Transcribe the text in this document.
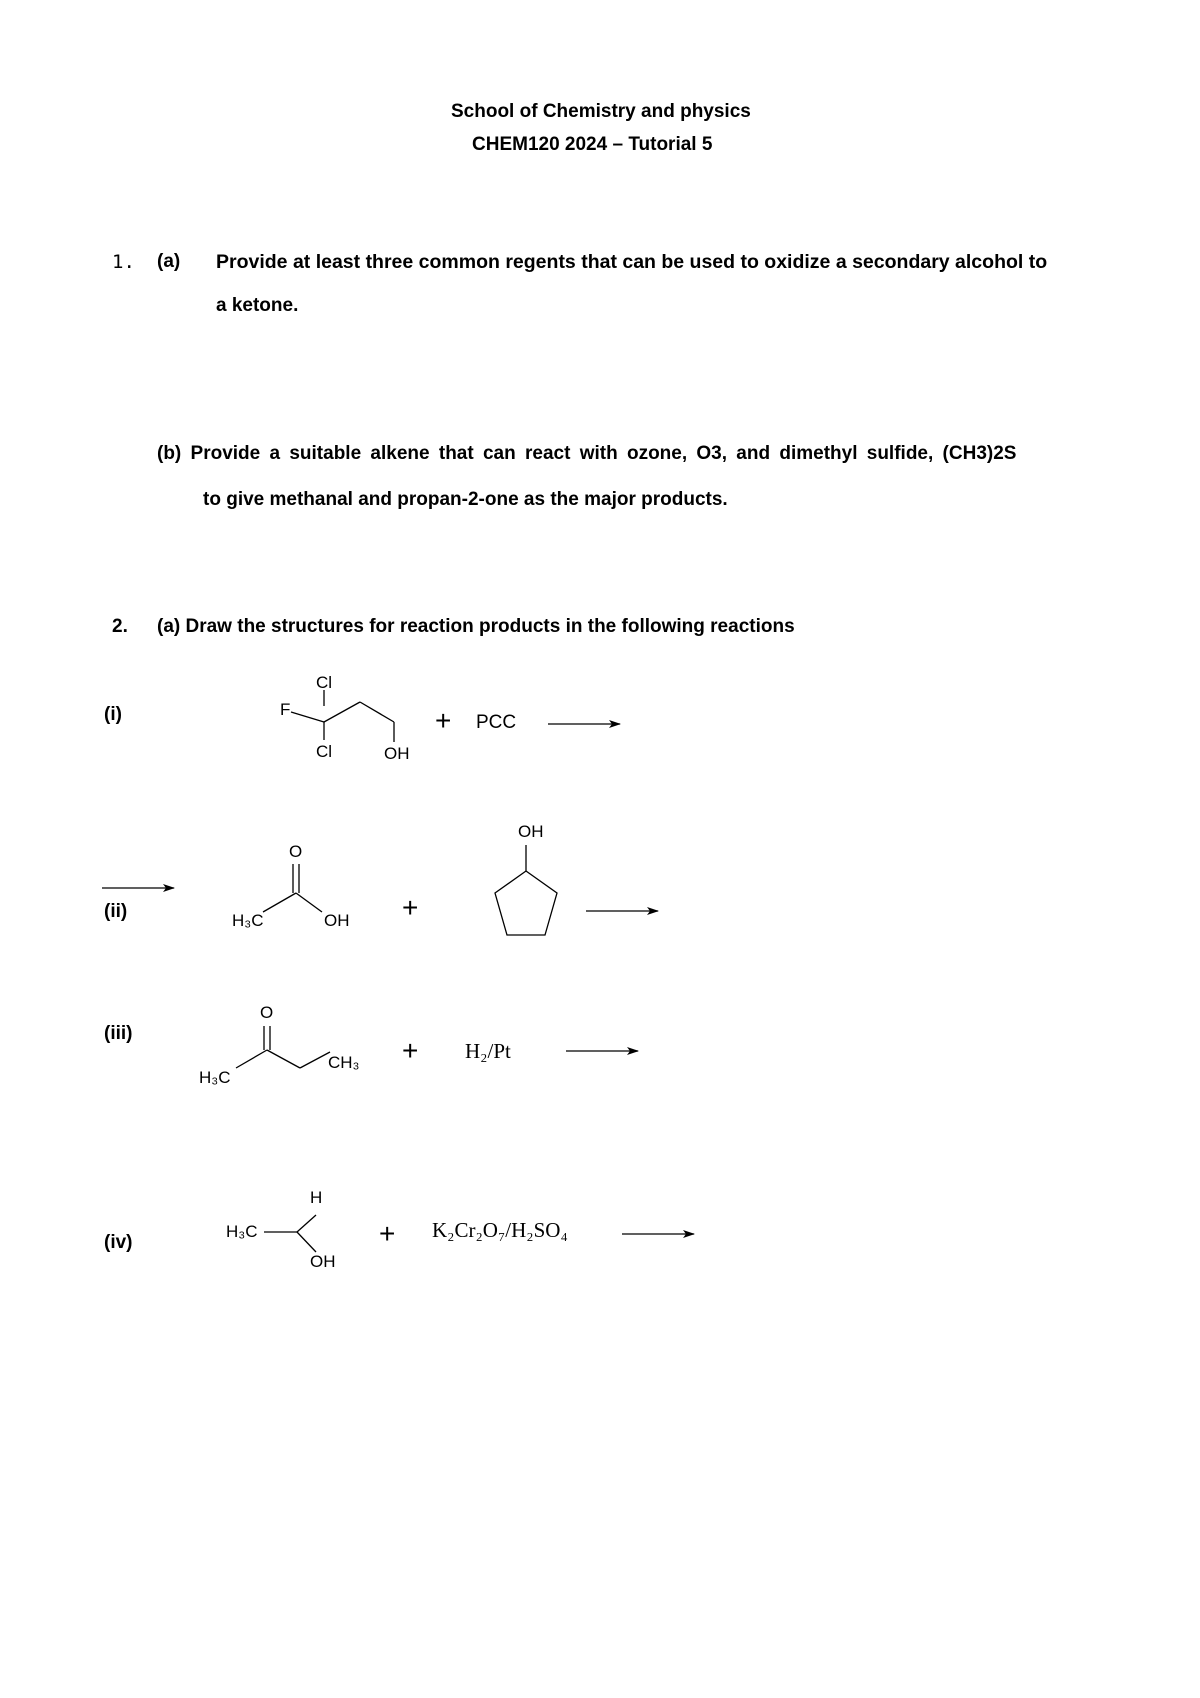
School of Chemistry and physics
CHEM120 2024 – Tutorial 5
1. (a) Provide at least three common regents that can be used to oxidize a secondary alcohol to
a ketone.
(b) Provide a suitable alkene that can react with ozone, O3, and dimethyl sulfide, (CH3)2S
to give methanal and propan-2-one as the major products.
2. (a) Draw the structures for reaction products in the following reactions
(i)
(ii)
(iii)
(iv)
Cl
F
Cl	OH
+ PCC
O
H₃C	OH +
OH
O
H₃C
CH₃ + H₂/Pt
H
H₃C
OH
+ K₂Cr₂O₇/H₂SO₄
